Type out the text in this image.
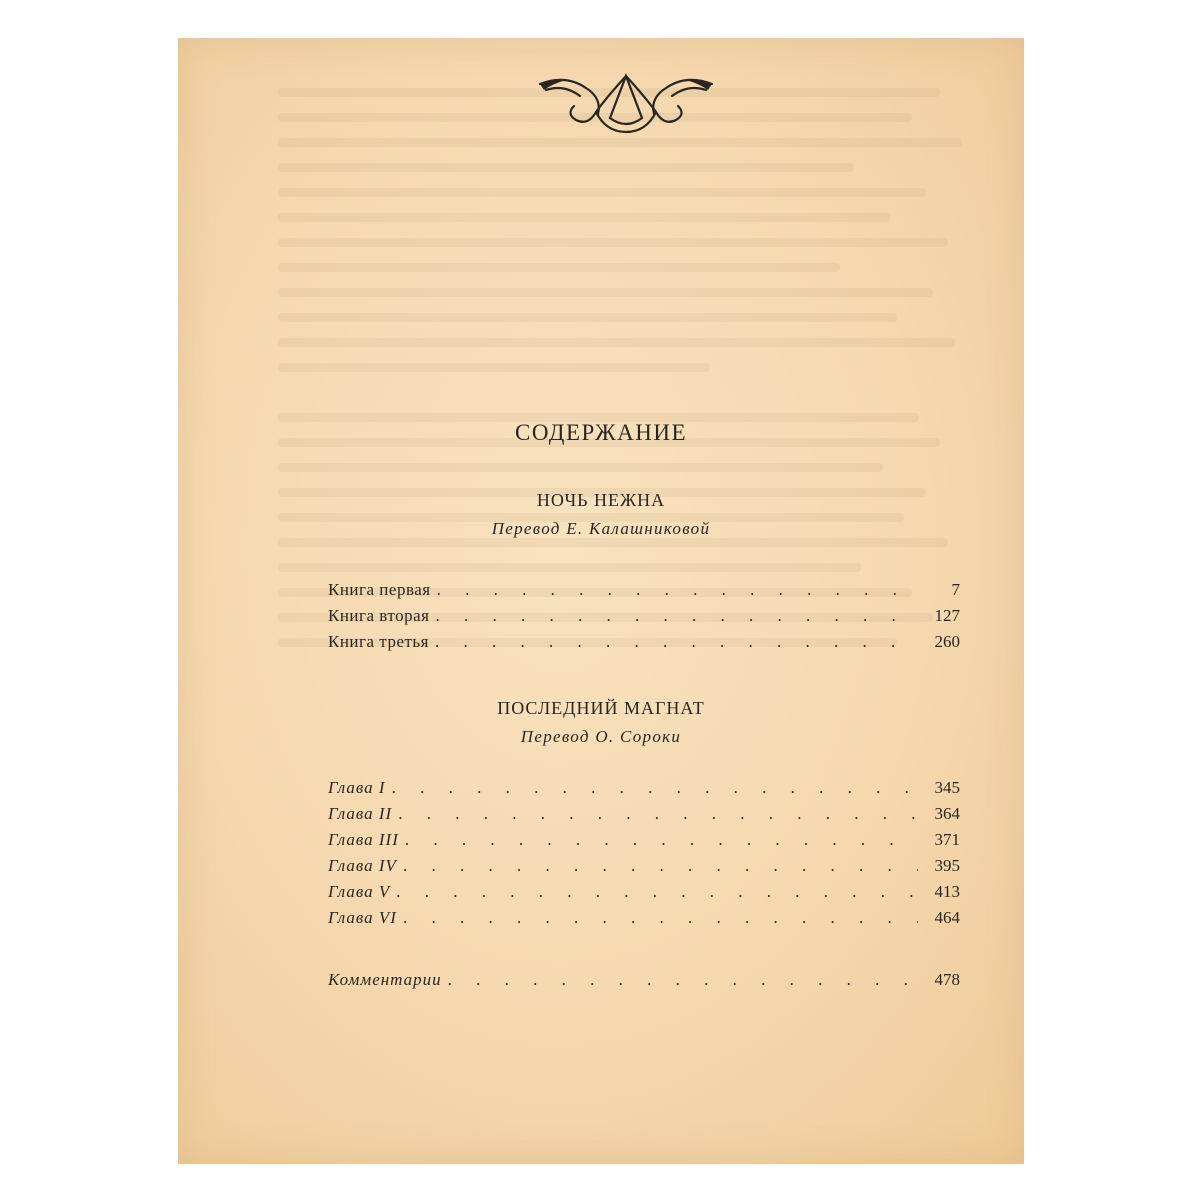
СОДЕРЖАНИЕ
НОЧЬ НЕЖНА
Перевод Е. Калашниковой
Книга первая . . .	7
Книга вторая . . .	127
Книга третья . . .	260
ПОСЛЕДНИЙ МАГНАТ
Перевод О. Сороки
Глава I . . .	345
Глава II . . .	364
Глава III . . .	371
Глава IV . . .	395
Глава V . . .	413
Глава VI . . .	464
Комментарии . . .	478
